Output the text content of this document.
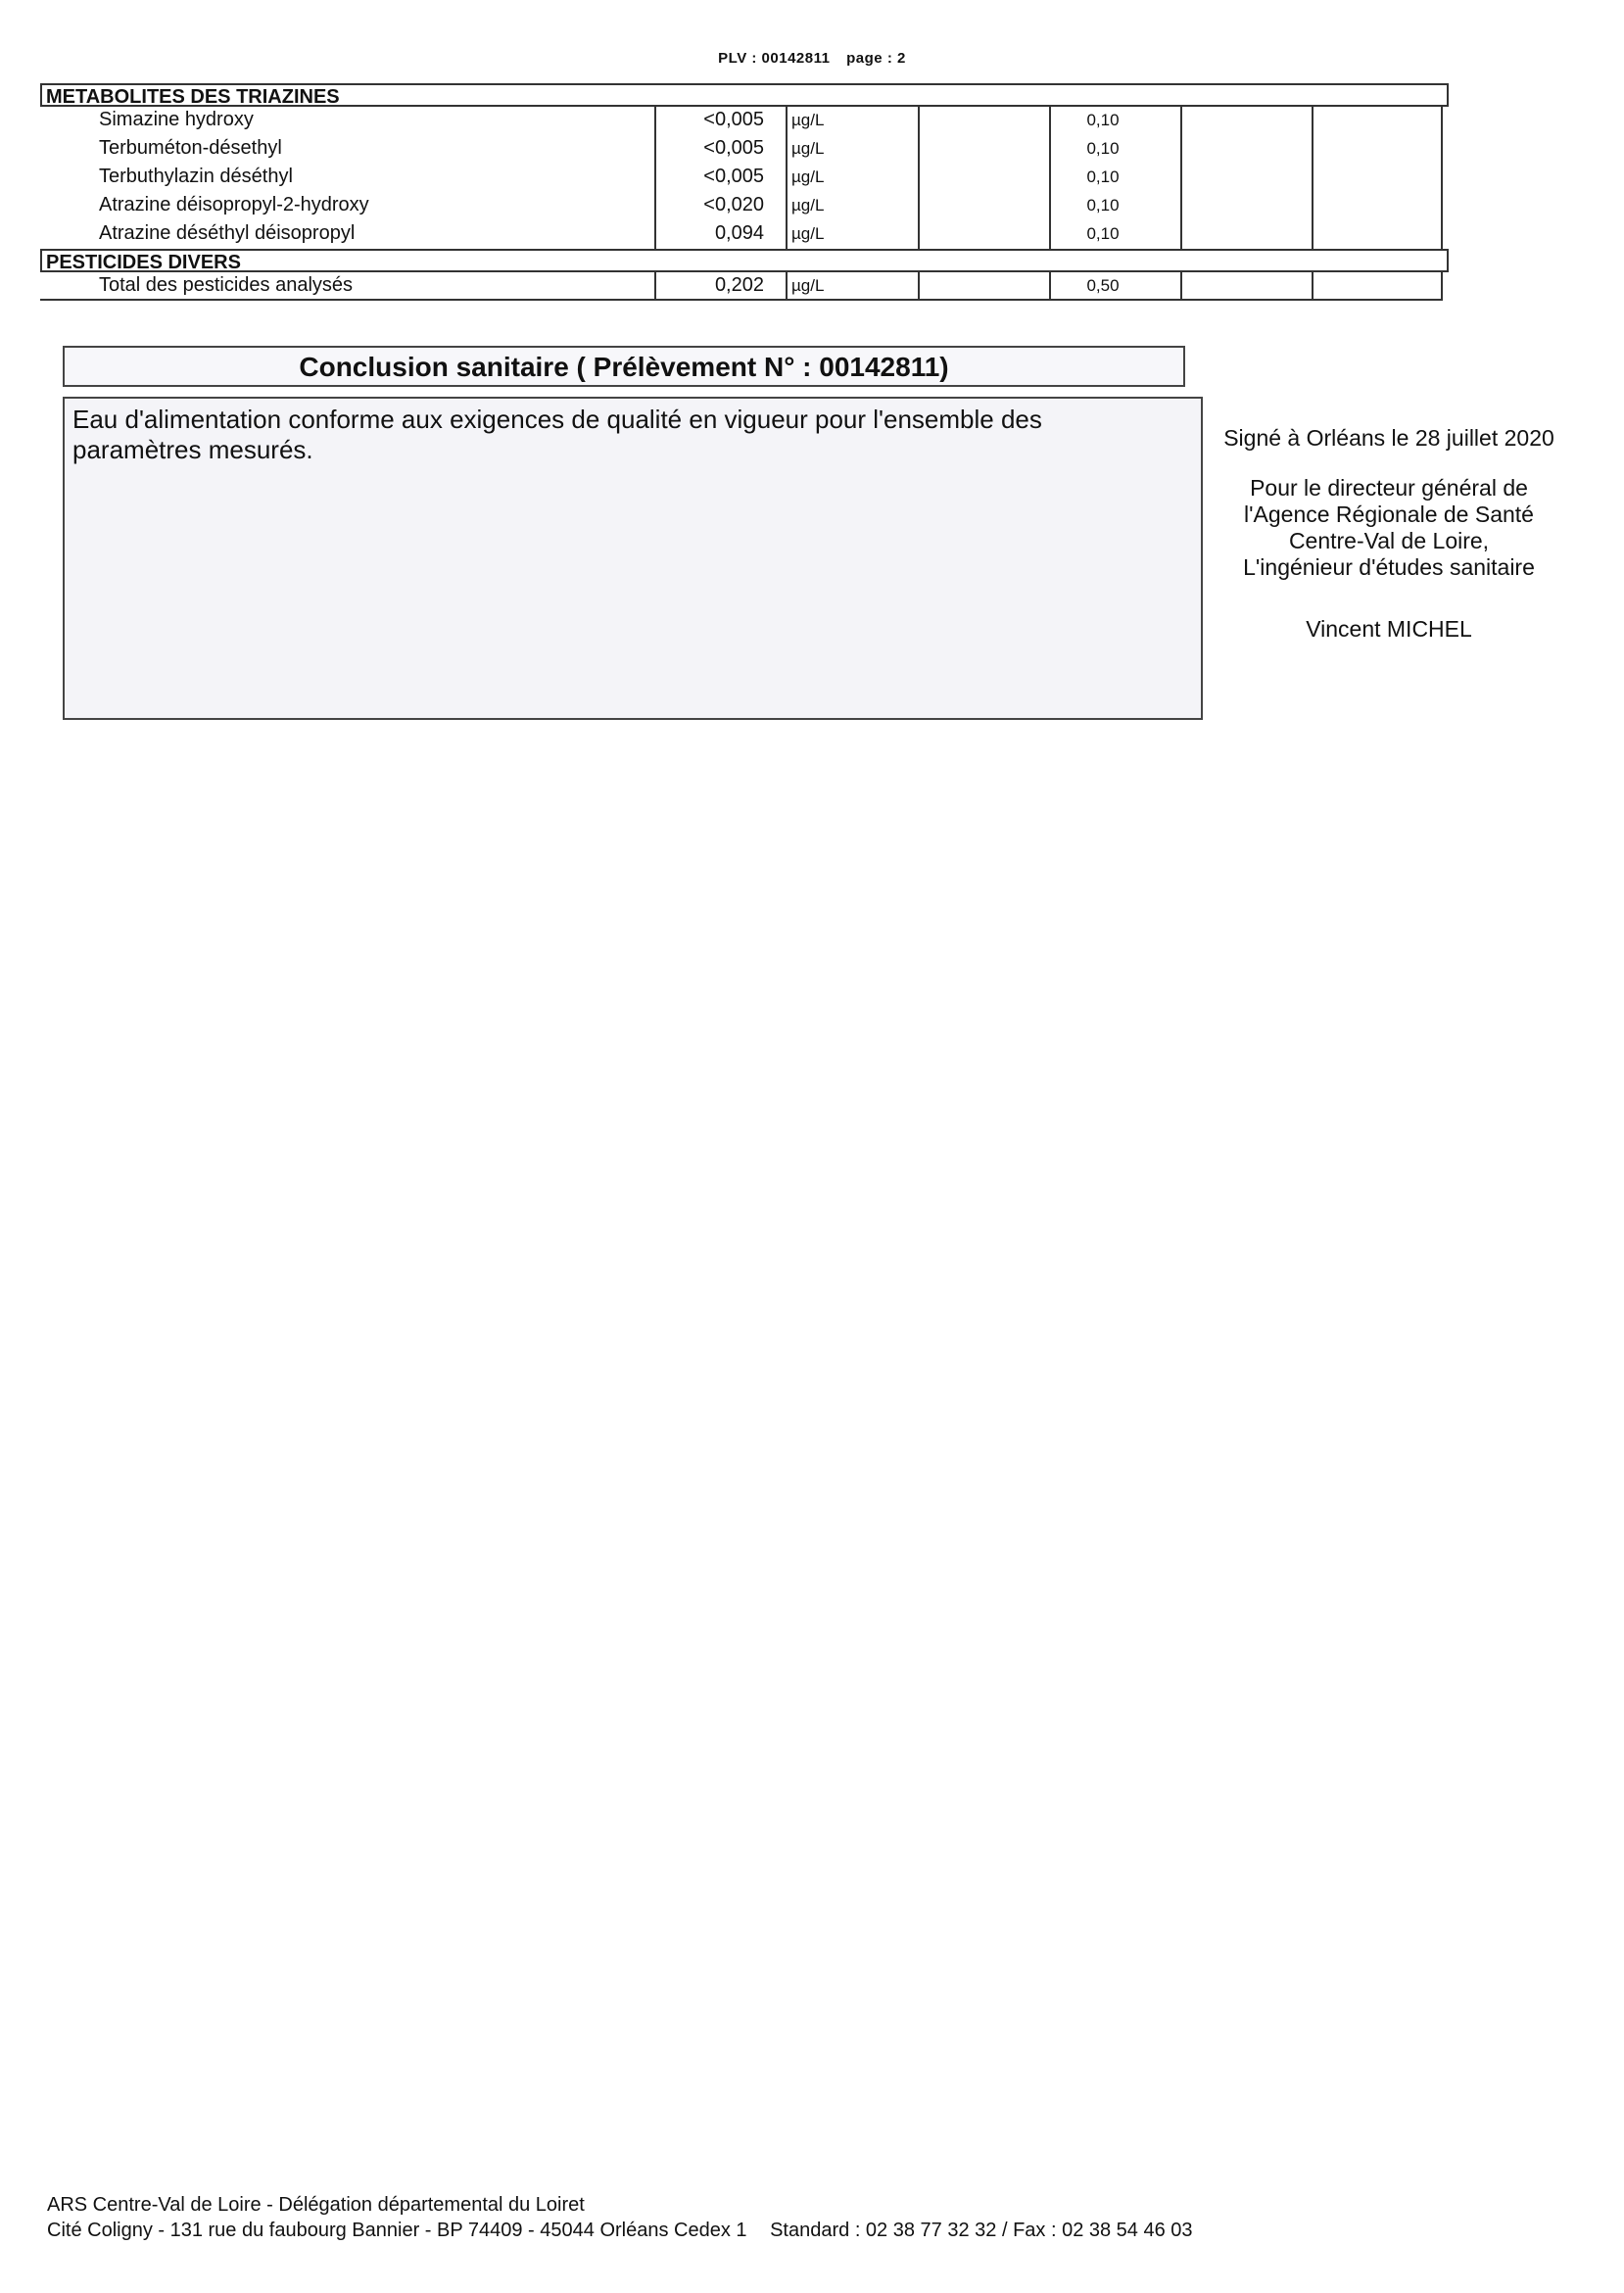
PLV : 00142811 page : 2
METABOLITES DES TRIAZINES
Simazine hydroxy	<0,005	µg/L	0,10
Terbuméton-désethyl	<0,005	µg/L	0,10
Terbuthylazin déséthyl	<0,005	µg/L	0,10
Atrazine déisopropyl-2-hydroxy	<0,020	µg/L	0,10
Atrazine déséthyl déisopropyl	0,094	µg/L	0,10
PESTICIDES DIVERS
Total des pesticides analysés	0,202	µg/L	0,50
Conclusion sanitaire ( Prélèvement N° : 00142811)
Eau d'alimentation conforme aux exigences de qualité en vigueur pour l'ensemble des paramètres mesurés.	Signé à Orléans le 28 juillet 2020
Pour le directeur général de
l'Agence Régionale de Santé
Centre-Val de Loire,
L'ingénieur d'études sanitaire
Vincent MICHEL
ARS Centre-Val de Loire - Délégation départemental du Loiret
Cité Coligny - 131 rue du faubourg Bannier - BP 74409 - 45044 Orléans Cedex 1 Standard : 02 38 77 32 32 / Fax : 02 38 54 46 03
